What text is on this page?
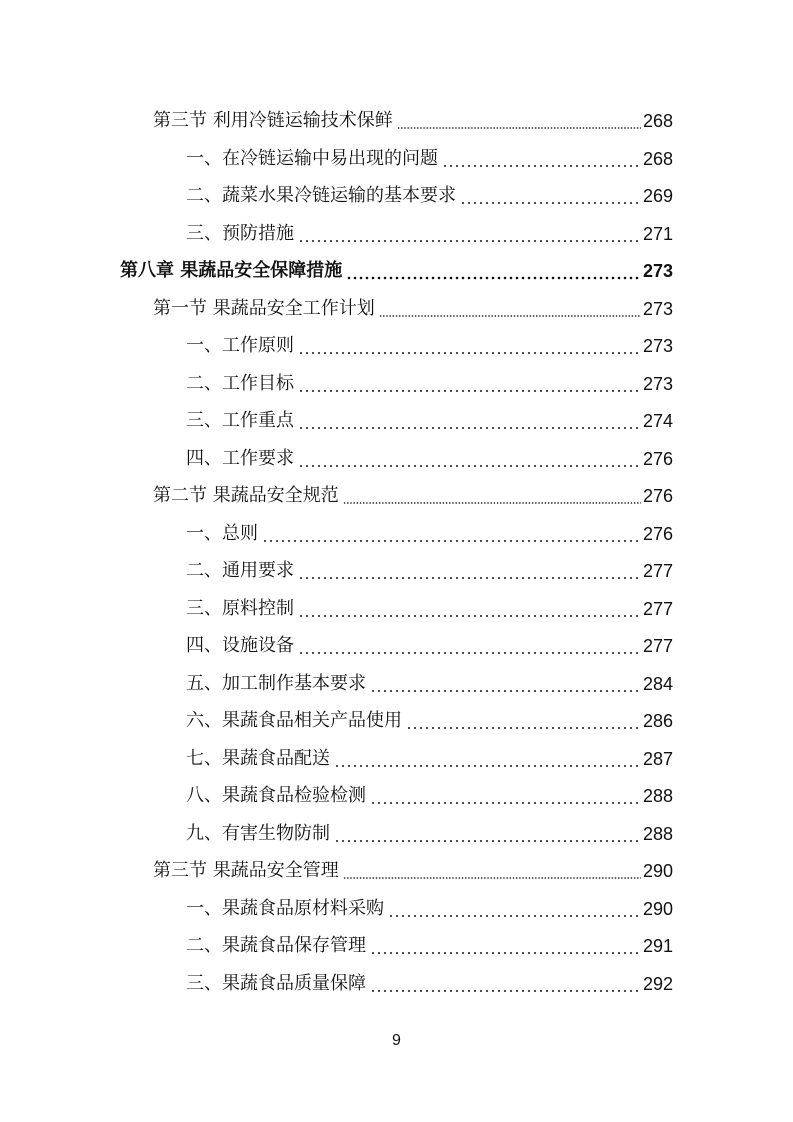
第三节 利用冷链运输技术保鲜	268
一、在冷链运输中易出现的问题	268
二、蔬菜水果冷链运输的基本要求	269
三、预防措施	271
第八章 果蔬品安全保障措施	273
第一节 果蔬品安全工作计划	273
一、工作原则	273
二、工作目标	273
三、工作重点	274
四、工作要求	276
第二节 果蔬品安全规范	276
一、总则	276
二、通用要求	277
三、原料控制	277
四、设施设备	277
五、加工制作基本要求	284
六、果蔬食品相关产品使用	286
七、果蔬食品配送	287
八、果蔬食品检验检测	288
九、有害生物防制	288
第三节 果蔬品安全管理	290
一、果蔬食品原材料采购	290
二、果蔬食品保存管理	291
三、果蔬食品质量保障	292
9
